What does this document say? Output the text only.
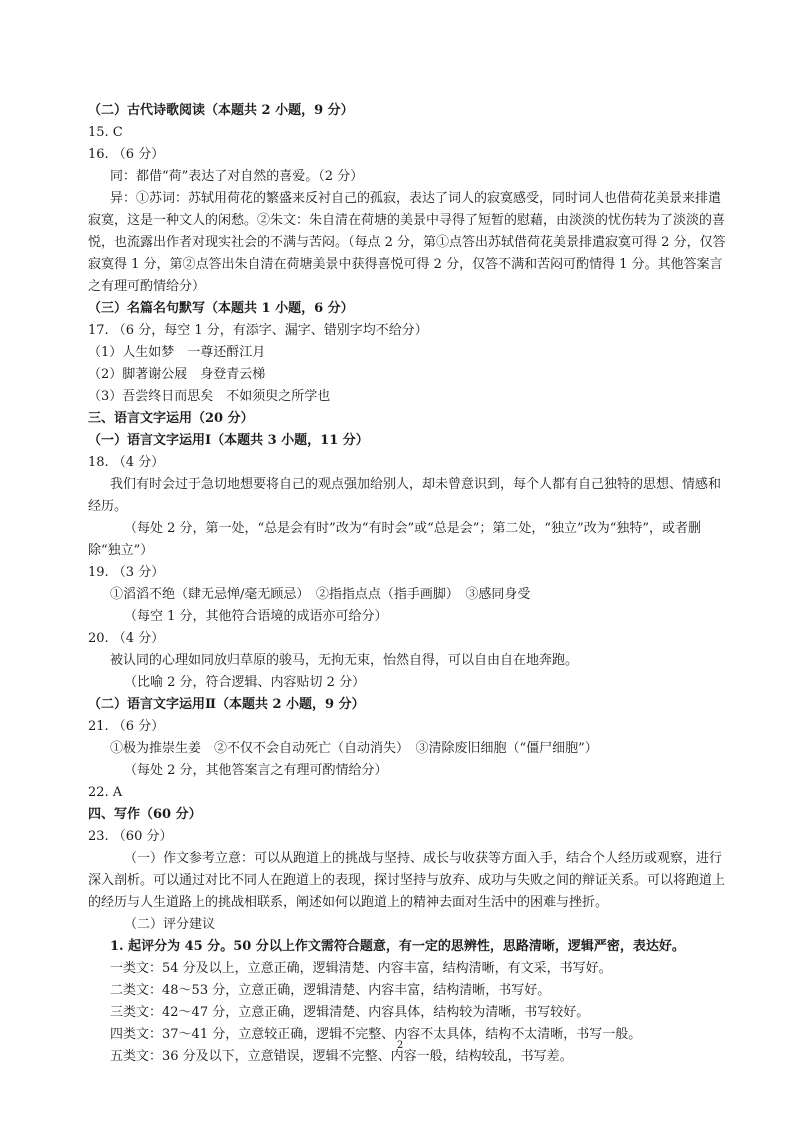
（二）古代诗歌阅读（本题共 2 小题，9 分）
15. C
16. （6 分）
同：都借“荷”表达了对自然的喜爱。（2 分）
异：①苏词：苏轼用荷花的繁盛来反衬自己的孤寂，表达了词人的寂寞感受，同时词人也借荷花美景来排遣寂寞，这是一种文人的闲愁。②朱文：朱自清在荷塘的美景中寻得了短暂的慰藉，由淡淡的忧伤转为了淡淡的喜悦，也流露出作者对现实社会的不满与苦闷。（每点 2 分，第①点答出苏轼借荷花美景排遣寂寞可得 2 分，仅答寂寞得 1 分，第②点答出朱自清在荷塘美景中获得喜悦可得 2 分，仅答不满和苦闷可酌情得 1 分。其他答案言之有理可酌情给分）
（三）名篇名句默写（本题共 1 小题，6 分）
17. （6 分，每空 1 分，有添字、漏字、错别字均不给分）
（1）人生如梦　一尊还酹江月
（2）脚著谢公屐　身登青云梯
（3）吾尝终日而思矣　不如须臾之所学也
三、语言文字运用（20 分）
（一）语言文字运用Ⅰ（本题共 3 小题，11 分）
18. （4 分）
我们有时会过于急切地想要将自己的观点强加给别人，却未曾意识到，每个人都有自己独特的思想、情感和经历。
（每处 2 分，第一处，“总是会有时”改为“有时会”或“总是会”；第二处，“独立”改为“独特”，或者删除“独立”）
19. （3 分）
①滔滔不绝（肆无忌惮/毫无顾忌）　②指指点点（指手画脚）　③感同身受
（每空 1 分，其他符合语境的成语亦可给分）
20. （4 分）
被认同的心理如同放归草原的骏马，无拘无束，怡然自得，可以自由自在地奔跑。
（比喻 2 分，符合逻辑、内容贴切 2 分）
（二）语言文字运用Ⅱ（本题共 2 小题，9 分）
21. （6 分）
①极为推崇生姜　②不仅不会自动死亡（自动消失）　③清除废旧细胞（“僵尸细胞”）
（每处 2 分，其他答案言之有理可酌情给分）
22. A
四、写作（60 分）
23. （60 分）
（一）作文参考立意：可以从跑道上的挑战与坚持、成长与收获等方面入手，结合个人经历或观察，进行深入剖析。可以通过对比不同人在跑道上的表现，探讨坚持与放弃、成功与失败之间的辩证关系。可以将跑道上的经历与人生道路上的挑战相联系，阐述如何以跑道上的精神去面对生活中的困难与挫折。
（二）评分建议
1. 起评分为 45 分。50 分以上作文需符合题意，有一定的思辨性，思路清晰，逻辑严密，表达好。
一类文：54 分及以上，立意正确，逻辑清楚、内容丰富，结构清晰，有文采，书写好。
二类文：48～53 分，立意正确，逻辑清楚、内容丰富，结构清晰，书写好。
三类文：42～47 分，立意正确，逻辑清楚、内容具体，结构较为清晰，书写较好。
四类文：37～41 分，立意较正确，逻辑不完整、内容不太具体，结构不太清晰，书写一般。
五类文：36 分及以下，立意错误，逻辑不完整、内容一般，结构较乱，书写差。
2
